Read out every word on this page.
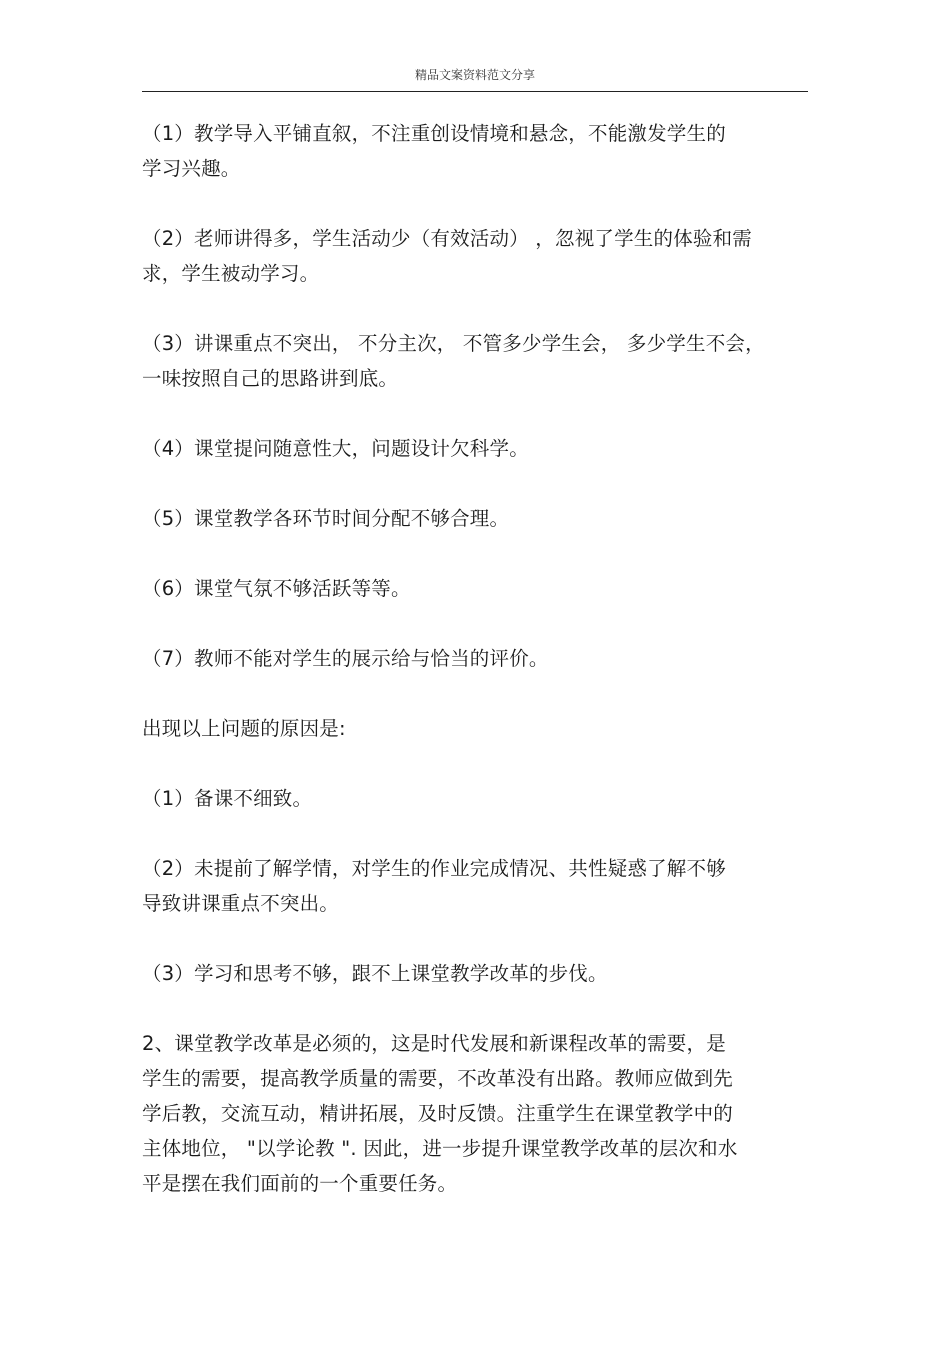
精品文案资料范文分享

（1）教学导入平铺直叙，不注重创设情境和悬念，不能激发学生的
学习兴趣。

（2）老师讲得多，学生活动少（有效活动） ，忽视了学生的体验和需
求，学生被动学习。

（3）讲课重点不突出， 不分主次， 不管多少学生会， 多少学生不会，
一味按照自己的思路讲到底。

（4）课堂提问随意性大，问题设计欠科学。

（5）课堂教学各环节时间分配不够合理。

（6）课堂气氛不够活跃等等。

（7）教师不能对学生的展示给与恰当的评价。

出现以上问题的原因是:

（1）备课不细致。

（2）未提前了解学情，对学生的作业完成情况、共性疑惑了解不够
导致讲课重点不突出。

（3）学习和思考不够，跟不上课堂教学改革的步伐。

2、课堂教学改革是必须的，这是时代发展和新课程改革的需要，是
学生的需要，提高教学质量的需要，不改革没有出路。教师应做到先
学后教，交流互动，精讲拓展，及时反馈。注重学生在课堂教学中的
主体地位， "以学论教 ". 因此，进一步提升课堂教学改革的层次和水
平是摆在我们面前的一个重要任务。
